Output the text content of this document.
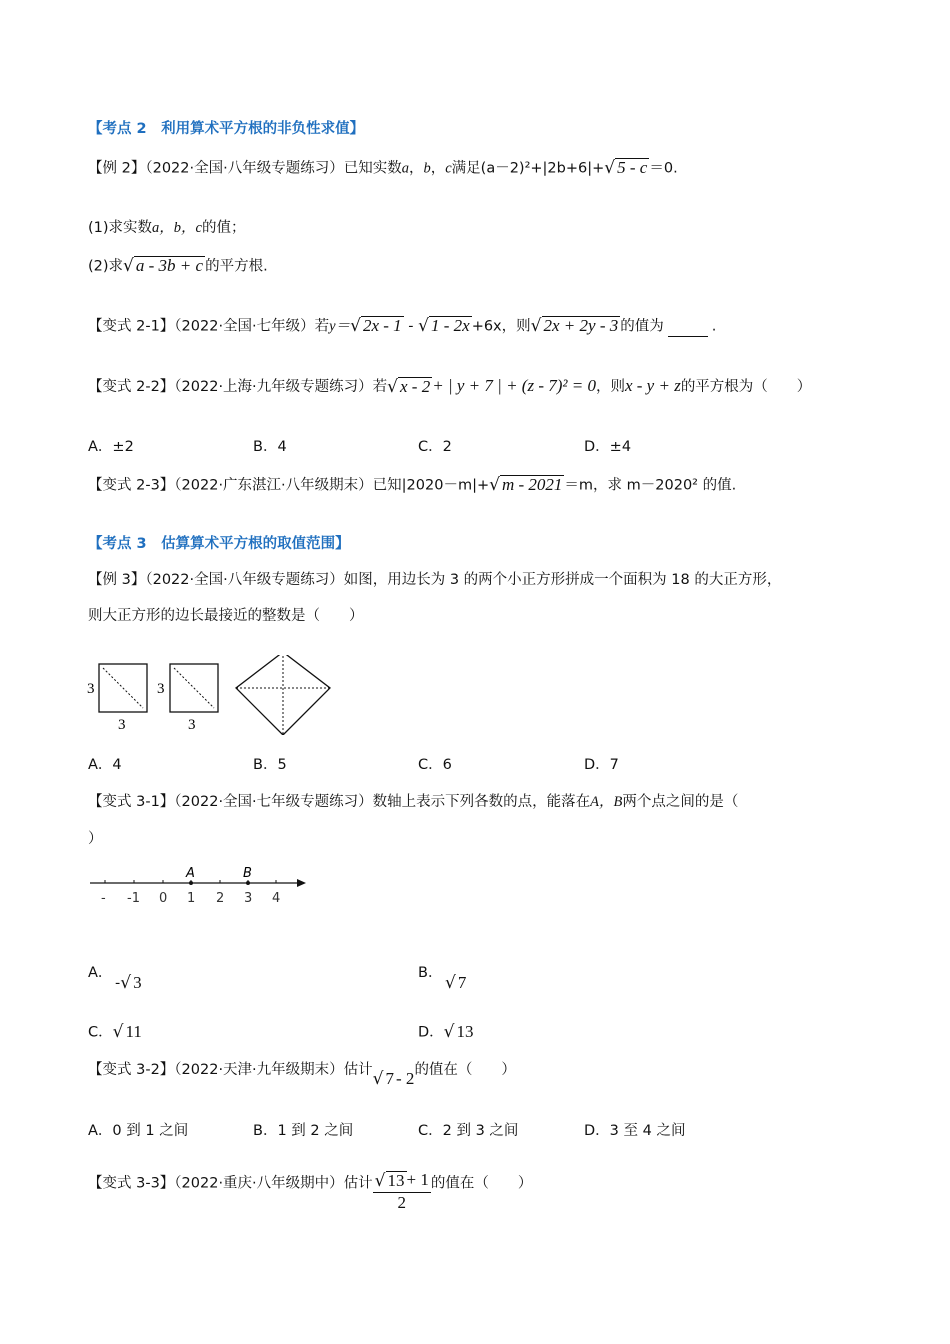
【考点 2　利用算术平方根的非负性求值】
【例 2】（2022·全国·八年级专题练习）已知实数a，b，c满足(a－2)²+|2b+6|+√ 5 - c ＝0.
(1)求实数a，b，c的值；
(2)求√ a - 3b + c 的平方根.
【变式 2-1】（2022·全国·七年级）若y＝√ 2x - 1 - √ 1 - 2x +6x，则√ 2x + 2y - 3 的值为	.
【变式 2-2】（2022·上海·九年级专题练习）若√ x - 2 + | y + 7 | + (z - 7)² = 0，则x - y + z的平方根为（　　）
A．±2	B．4	C．2	D．±4
【变式 2-3】（2022·广东湛江·八年级期末）已知|2020－m|+√ m - 2021 ＝m，求 m－2020² 的值.
【考点 3　估算算术平方根的取值范围】
【例 3】（2022·全国·八年级专题练习）如图，用边长为 3 的两个小正方形拼成一个面积为 18 的大正方形，
则大正方形的边长最接近的整数是（　　）
3
3
3
3
A．4	B．5	C．6	D．7
【变式 3-1】（2022·全国·七年级专题练习）数轴上表示下列各数的点，能落在A，B两个点之间的是（
）
A	B
- -1 0 1 2 3 4
A．
-√ 3	B． √ 7
C．√ 11	D．√ 13
【变式 3-2】（2022·天津·九年级期末）估计√ 7 - 2的值在（　　）
A．0 到 1 之间	B．1 到 2 之间	C．2 到 3 之间	D．3 至 4 之间
【变式 3-3】（2022·重庆·八年级期中）估计 $\frac{√ 13 + 1}{2}$ 的值在（　　）
